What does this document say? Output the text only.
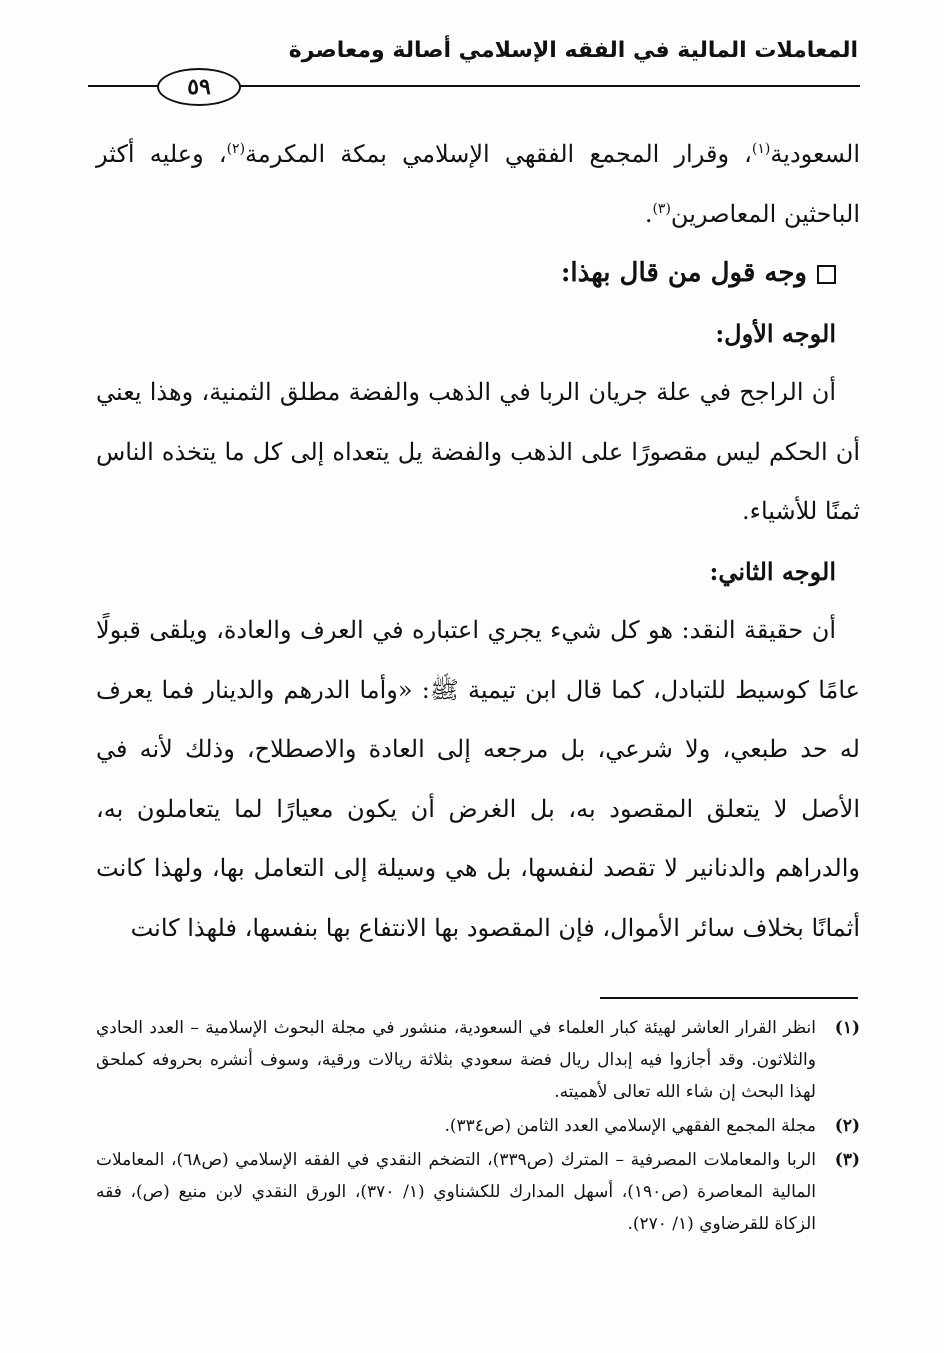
المعاملات المالية في الفقه الإسلامي أصالة ومعاصرة
٥٩

السعودية$^{(١)}$، وقرار المجمع الفقهي الإسلامي بمكة المكرمة$^{(٢)}$، وعليه أكثر الباحثين المعاصرين$^{(٣)}$.

وجه قول من قال بهذا:

الوجه الأول:

أن الراجح في علة جريان الربا في الذهب والفضة مطلق الثمنية، وهذا يعني أن الحكم ليس مقصورًا على الذهب والفضة يل يتعداه إلى كل ما يتخذه الناس ثمنًا للأشياء.

الوجه الثاني:

أن حقيقة النقد: هو كل شيء يجري اعتباره في العرف والعادة، ويلقى قبولًا عامًا كوسيط للتبادل، كما قال ابن تيمية ﷺ: «وأما الدرهم والدينار فما يعرف له حد طبعي، ولا شرعي، بل مرجعه إلى العادة والاصطلاح، وذلك لأنه في الأصل لا يتعلق المقصود به، بل الغرض أن يكون معيارًا لما يتعاملون به، والدراهم والدنانير لا تقصد لنفسها، بل هي وسيلة إلى التعامل بها، ولهذا كانت أثمانًا بخلاف سائر الأموال، فإن المقصود بها الانتفاع بها بنفسها، فلهذا كانت

(١)
انظر القرار العاشر لهيئة كبار العلماء في السعودية، منشور في مجلة البحوث الإسلامية – العدد الحادي والثلاثون. وقد أجازوا فيه إبدال ريال فضة سعودي بثلاثة ريالات ورقية، وسوف أنشره بحروفه كملحق لهذا البحث إن شاء الله تعالى لأهميته.
(٢)
مجلة المجمع الفقهي الإسلامي العدد الثامن (ص٣٣٤).
(٣)
الربا والمعاملات المصرفية – المترك (ص٣٣٩)، التضخم النقدي في الفقه الإسلامي (ص٦٨)، المعاملات المالية المعاصرة (ص١٩٠)، أسهل المدارك للكشناوي (١/ ٣٧٠)، الورق النقدي لابن منيع (ص)، فقه الزكاة للقرضاوي (١/ ٢٧٠).
